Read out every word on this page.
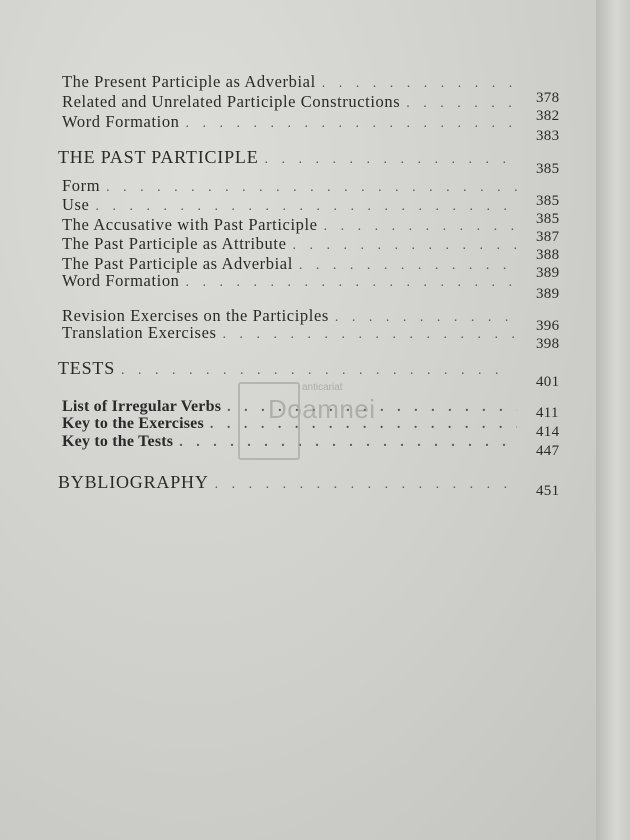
The Present Participle as Adverbial
. . .
Related and Unrelated Participle Constructions
. . .
Word Formation
. . .
THE PAST PARTICIPLE
. . .
Form
. . .
Use
. . .
The Accusative with Past Participle
. . .
The Past Participle as Attribute
. . .
The Past Participle as Adverbial
. . .
Word Formation
. . .
Revision Exercises on the Participles
. . .
Translation Exercises
. . .
TESTS
. . .
List of Irregular Verbs
. . .
Key to the Exercises
. . .
Key to the Tests
. . .
BYBLIOGRAPHY
. . .
378
382
383
385
385
385
387
388
389
389
396
398
401
411
414
447
451
anticariat
Doamnei
